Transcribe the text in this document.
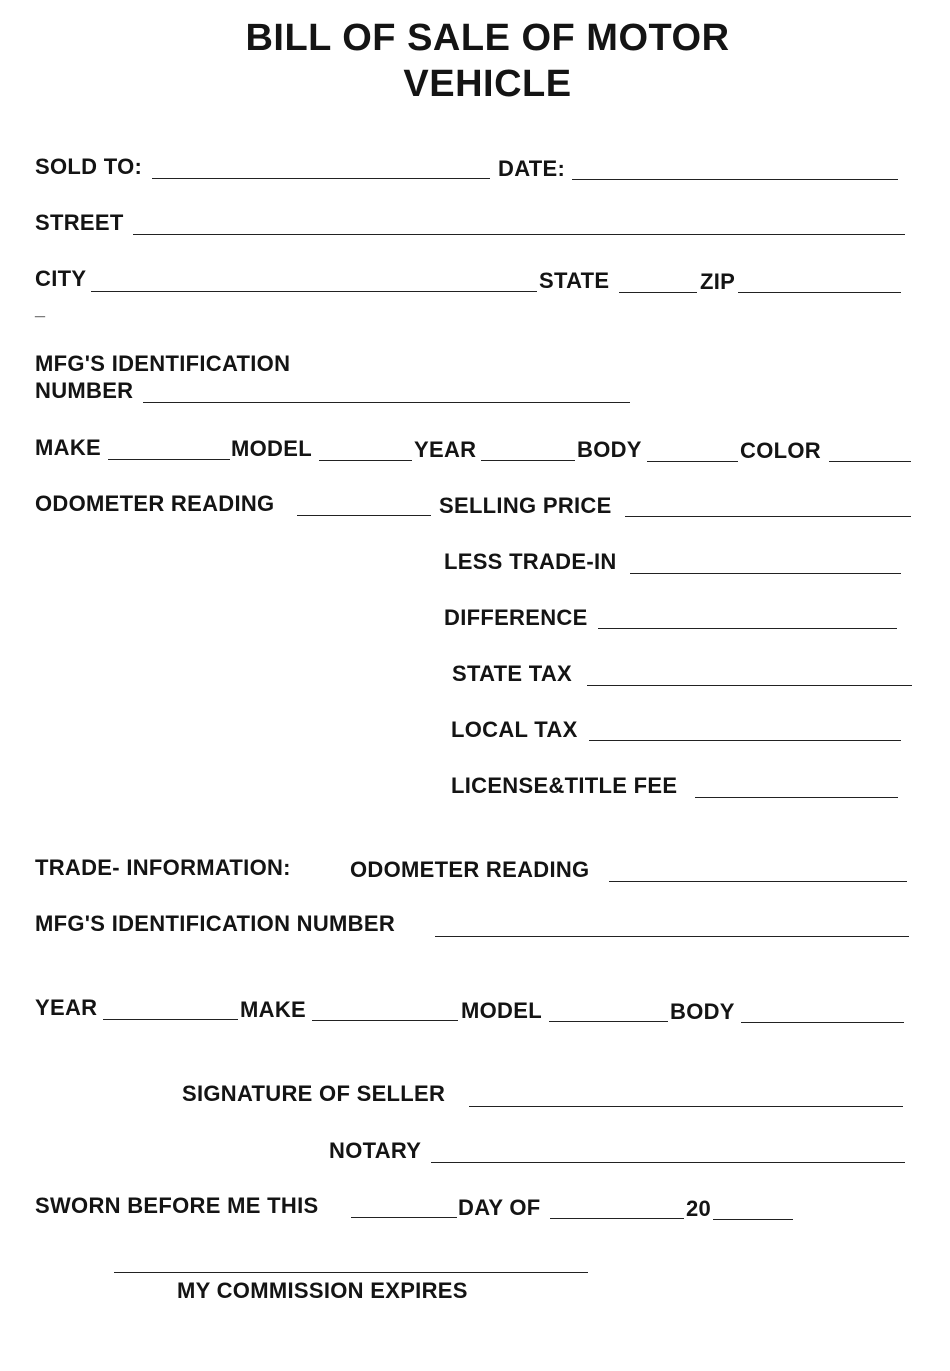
BILL OF SALE OF MOTOR
VEHICLE
SOLD TO:	DATE:
STREET
CITY	STATE	ZIP
_
MFG'S IDENTIFICATION
NUMBER
MAKE	MODEL	YEAR	BODY	COLOR
ODOMETER READING	SELLING PRICE
LESS TRADE-IN
DIFFERENCE
STATE TAX
LOCAL TAX
LICENSE&TITLE FEE
TRADE- INFORMATION:	ODOMETER READING
MFG'S IDENTIFICATION NUMBER
YEAR	MAKE	MODEL	BODY
SIGNATURE OF SELLER
NOTARY
SWORN BEFORE ME THIS	DAY OF	20
MY COMMISSION EXPIRES
